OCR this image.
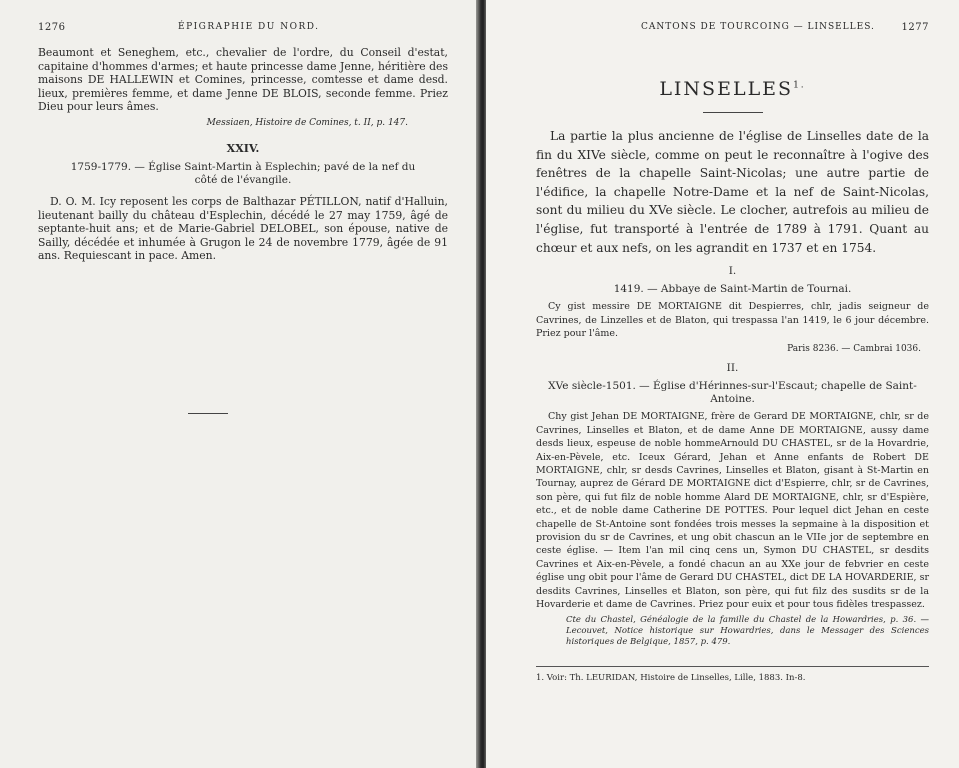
1276	ÉPIGRAPHIE DU NORD.

Beaumont et Seneghem, etc., chevalier de l'ordre, du Conseil d'estat, capitaine d'hommes d'armes; et haute princesse dame Jenne, héritière des maisons DE HALLEWIN et Comines, princesse, comtesse et dame desd. lieux, premières femme, et dame Jenne DE BLOIS, seconde femme. Priez Dieu pour leurs âmes.

Messiaen, Histoire de Comines, t. II, p. 147.
XXIV.
1759-1779. — Église Saint-Martin à Esplechin; pavé de la nef du côté de l'évangile.

D. O. M. Icy reposent les corps de Balthazar PÉTILLON, natif d'Halluin, lieutenant bailly du château d'Esplechin, décédé le 27 may 1759, âgé de septante-huit ans; et de Marie-Gabriel DELOBEL, son épouse, native de Sailly, décédée et inhumée à Grugon le 24 de novembre 1779, âgée de 91 ans. Requiescant in pace. Amen.

CANTONS DE TOURCOING — LINSELLES.	1277
$LINSELLES^{1.}$

La partie la plus ancienne de l'église de Linselles date de la fin du XIVe siècle, comme on peut le reconnaître à l'ogive des fenêtres de la chapelle Saint-Nicolas; une autre partie de l'édifice, la chapelle Notre-Dame et la nef de Saint-Nicolas, sont du milieu du XVe siècle. Le clocher, autrefois au milieu de l'église, fut transporté à l'entrée de 1789 à 1791. Quant au chœur et aux nefs, on les agrandit en 1737 et en 1754.

I.
1419. — Abbaye de Saint-Martin de Tournai.

Cy gist messire DE MORTAIGNE dit Despierres, chlr, jadis seigneur de Cavrines, de Linzelles et de Blaton, qui trespassa l'an 1419, le 6 jour décembre. Priez pour l'âme.

Paris 8236. — Cambrai 1036.
II.
XVe siècle-1501. — Église d'Hérinnes-sur-l'Escaut; chapelle de Saint-Antoine.

Chy gist Jehan DE MORTAIGNE, frère de Gerard DE MORTAIGNE, chlr, sr de Cavrines, Linselles et Blaton, et de dame Anne DE MORTAIGNE, aussy dame desds lieux, espeuse de noble hommeArnould DU CHASTEL, sr de la Hovardrie, Aix-en-Pèvele, etc. Iceux Gérard, Jehan et Anne enfants de Robert DE MORTAIGNE, chlr, sr desds Cavrines, Linselles et Blaton, gisant à St-Martin en Tournay, auprez de Gérard DE MORTAIGNE dict d'Espierre, chlr, sr de Cavrines, son père, qui fut filz de noble homme Alard DE MORTAIGNE, chlr, sr d'Espière, etc., et de noble dame Catherine DE POTTES. Pour lequel dict Jehan en ceste chapelle de St-Antoine sont fondées trois messes la sepmaine à la disposition et provision du sr de Cavrines, et ung obit chascun an le VIIe jor de septembre en ceste église. — Item l'an mil cinq cens un, Symon DU CHASTEL, sr desdits Cavrines et Aix-en-Pèvele, a fondé chacun an au XXe jour de febvrier en ceste église ung obit pour l'âme de Gerard DU CHASTEL, dict DE LA HOVARDERIE, sr desdits Cavrines, Linselles et Blaton, son père, qui fut filz des susdits sr de la Hovarderie et dame de Cavrines. Priez pour euix et pour tous fidèles trespassez.

Cte du Chastel, Généalogie de la famille du Chastel de la Howardries, p. 36. — Lecouvet, Notice historique sur Howardries, dans le Messager des Sciences historiques de Belgique, 1857, p. 479.
1. Voir: Th. LEURIDAN, Histoire de Linselles, Lille, 1883. In-8.
